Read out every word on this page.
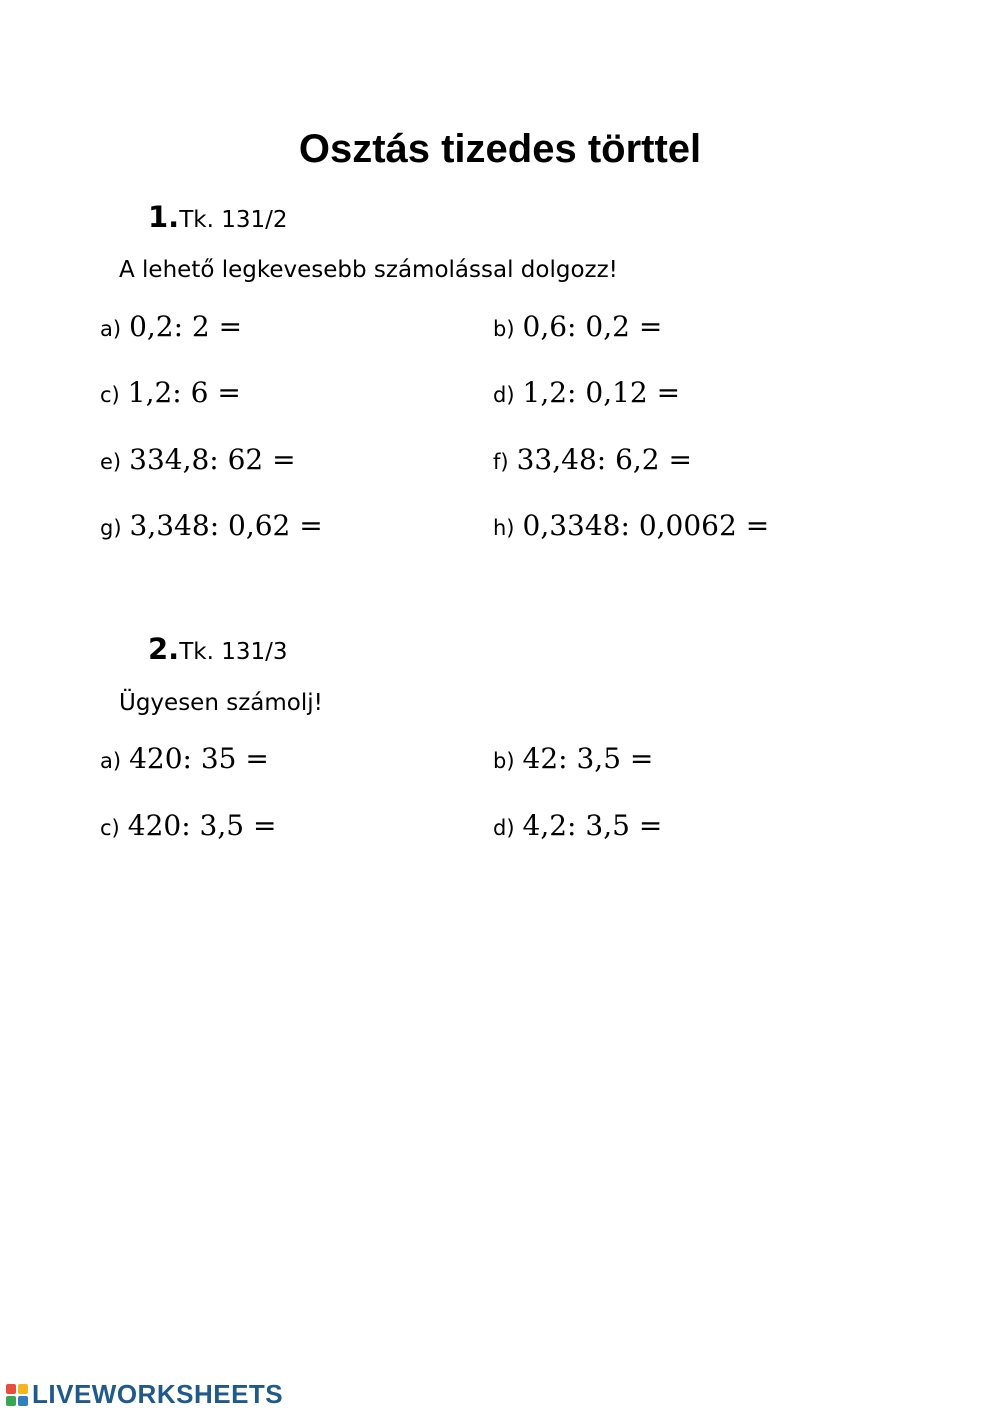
Osztás tizedes törttel
1.Tk. 131/2
A lehető legkevesebb számolással dolgozz!
a) 0,2: 2 =	b) 0,6: 0,2 =
c) 1,2: 6 =	d) 1,2: 0,12 =
e) 334,8: 62 =	f) 33,48: 6,2 =
g) 3,348: 0,62 =	h) 0,3348: 0,0062 =
2.Tk. 131/3
Ügyesen számolj!
a) 420: 35 =	b) 42: 3,5 =
c) 420: 3,5 =	d) 4,2: 3,5 =
LIVEWORKSHEETS
